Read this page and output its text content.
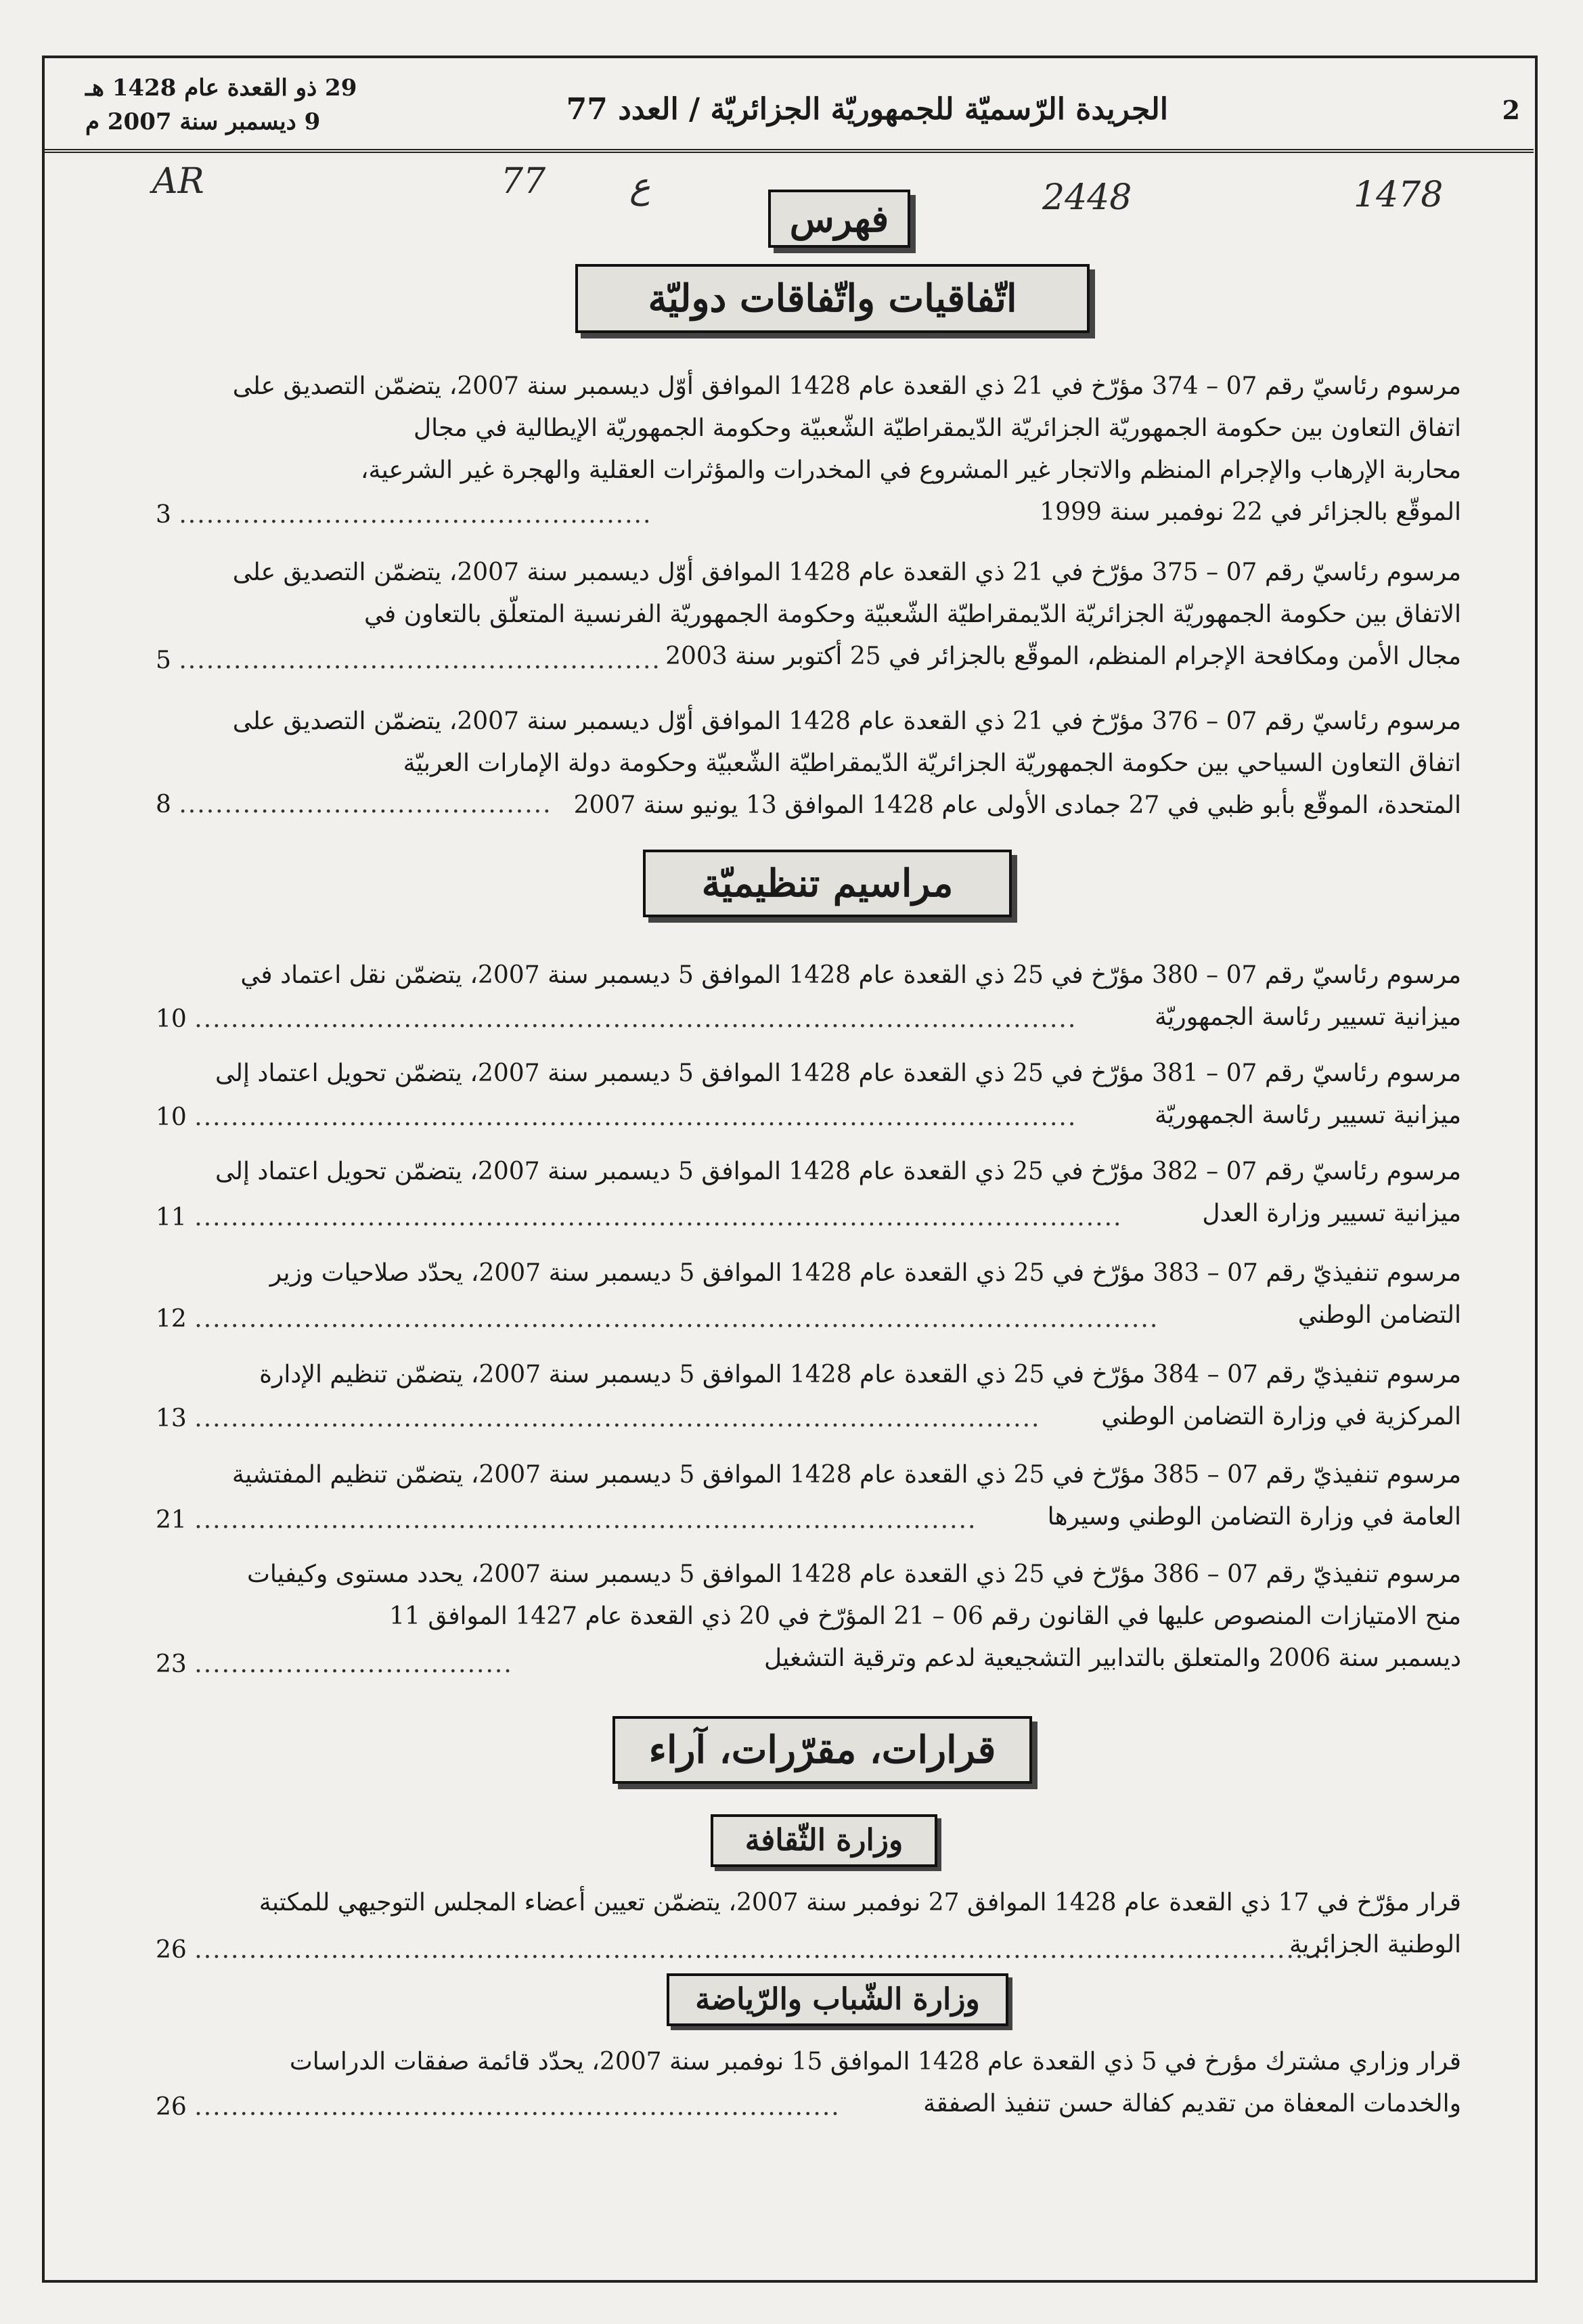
2
الجريدة الرّسميّة للجمهوريّة الجزائريّة / العدد 77
29 ذو القعدة عام 1428 هـ
9 ديسمبر سنة 2007 م
AR	77 ع	2448	1478
فهرس
اتّفاقيات واتّفاقات دوليّة
مرسوم رئاسيّ رقم 07 – 374 مؤرّخ في 21 ذي القعدة عام 1428 الموافق أوّل ديسمبر سنة 2007، يتضمّن التصديق على
اتفاق التعاون بين حكومة الجمهوريّة الجزائريّة الدّيمقراطيّة الشّعبيّة وحكومة الجمهوريّة الإيطالية في مجال
محاربة الإرهاب والإجرام المنظم والاتجار غير المشروع في المخدرات والمؤثرات العقلية والهجرة غير الشرعية،
الموقّع بالجزائر في 22 نوفمبر سنة 1999
3 ....................................................
مرسوم رئاسيّ رقم 07 – 375 مؤرّخ في 21 ذي القعدة عام 1428 الموافق أوّل ديسمبر سنة 2007، يتضمّن التصديق على
الاتفاق بين حكومة الجمهوريّة الجزائريّة الدّيمقراطيّة الشّعبيّة وحكومة الجمهوريّة الفرنسية المتعلّق بالتعاون في
مجال الأمن ومكافحة الإجرام المنظم، الموقّع بالجزائر في 25 أكتوبر سنة 2003
5 .....................................................
مرسوم رئاسيّ رقم 07 – 376 مؤرّخ في 21 ذي القعدة عام 1428 الموافق أوّل ديسمبر سنة 2007، يتضمّن التصديق على
اتفاق التعاون السياحي بين حكومة الجمهوريّة الجزائريّة الدّيمقراطيّة الشّعبيّة وحكومة دولة الإمارات العربيّة
المتحدة، الموقّع بأبو ظبي في 27 جمادى الأولى عام 1428 الموافق 13 يونيو سنة 2007
8 .........................................
مراسيم تنظيميّة
مرسوم رئاسيّ رقم 07 – 380 مؤرّخ في 25 ذي القعدة عام 1428 الموافق 5 ديسمبر سنة 2007، يتضمّن نقل اعتماد في
ميزانية تسيير رئاسة الجمهوريّة
10 .................................................................................................
مرسوم رئاسيّ رقم 07 – 381 مؤرّخ في 25 ذي القعدة عام 1428 الموافق 5 ديسمبر سنة 2007، يتضمّن تحويل اعتماد إلى
ميزانية تسيير رئاسة الجمهوريّة
10 .................................................................................................
مرسوم رئاسيّ رقم 07 – 382 مؤرّخ في 25 ذي القعدة عام 1428 الموافق 5 ديسمبر سنة 2007، يتضمّن تحويل اعتماد إلى
ميزانية تسيير وزارة العدل
11 ......................................................................................................
مرسوم تنفيذيّ رقم 07 – 383 مؤرّخ في 25 ذي القعدة عام 1428 الموافق 5 ديسمبر سنة 2007، يحدّد صلاحيات وزير
التضامن الوطني
12 ..........................................................................................................
مرسوم تنفيذيّ رقم 07 – 384 مؤرّخ في 25 ذي القعدة عام 1428 الموافق 5 ديسمبر سنة 2007، يتضمّن تنظيم الإدارة
المركزية في وزارة التضامن الوطني
13 .............................................................................................
مرسوم تنفيذيّ رقم 07 – 385 مؤرّخ في 25 ذي القعدة عام 1428 الموافق 5 ديسمبر سنة 2007، يتضمّن تنظيم المفتشية
العامة في وزارة التضامن الوطني وسيرها
21 ......................................................................................
مرسوم تنفيذيّ رقم 07 – 386 مؤرّخ في 25 ذي القعدة عام 1428 الموافق 5 ديسمبر سنة 2007، يحدد مستوى وكيفيات
منح الامتيازات المنصوص عليها في القانون رقم 06 – 21 المؤرّخ في 20 ذي القعدة عام 1427 الموافق 11
ديسمبر سنة 2006 والمتعلق بالتدابير التشجيعية لدعم وترقية التشغيل
23 ...................................
قرارات، مقرّرات، آراء
وزارة الثّقافة
قرار مؤرّخ في 17 ذي القعدة عام 1428 الموافق 27 نوفمبر سنة 2007، يتضمّن تعيين أعضاء المجلس التوجيهي للمكتبة
الوطنية الجزائرية
26 .............................................................................................................................
وزارة الشّباب والرّياضة
قرار وزاري مشترك مؤرخ في 5 ذي القعدة عام 1428 الموافق 15 نوفمبر سنة 2007، يحدّد قائمة صفقات الدراسات
والخدمات المعفاة من تقديم كفالة حسن تنفيذ الصفقة
26 .......................................................................
